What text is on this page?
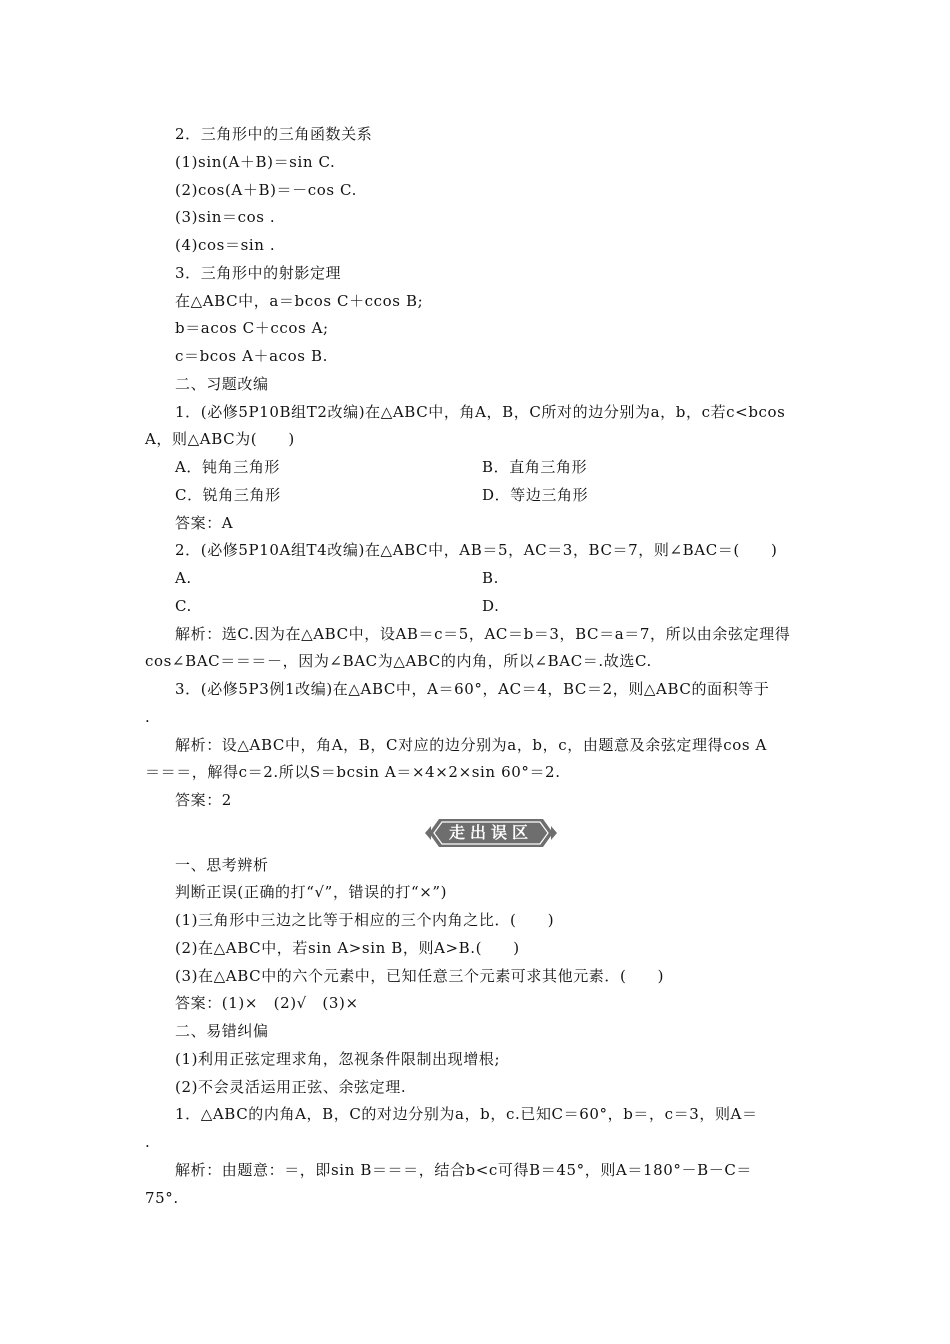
2．三角形中的三角函数关系
(1)sin(A＋B)＝sin C.
(2)cos(A＋B)＝－cos C.
(3)sin＝cos .
(4)cos＝sin .
3．三角形中的射影定理
在△ABC中，a＝bcos C＋ccos B;
b＝acos C＋ccos A;
c＝bcos A＋acos B.
二、习题改编
1．(必修5P10B组T2改编)在△ABC中，角A，B，C所对的边分别为a，b，c若c<bcos
A，则△ABC为(　　)
A．钝角三角形	B．直角三角形
C．锐角三角形	D．等边三角形
答案：A
2．(必修5P10A组T4改编)在△ABC中，AB＝5，AC＝3，BC＝7，则∠BAC＝(　　)
A.	B.
C.	D.
解析：选C.因为在△ABC中，设AB＝c＝5，AC＝b＝3，BC＝a＝7，所以由余弦定理得
cos∠BAC＝＝＝－，因为∠BAC为△ABC的内角，所以∠BAC＝.故选C.
3．(必修5P3例1改编)在△ABC中，A＝60°，AC＝4，BC＝2，则△ABC的面积等于
.
解析：设△ABC中，角A，B，C对应的边分别为a，b，c，由题意及余弦定理得cos A
＝＝＝，解得c＝2.所以S＝bcsin A＝×4×2×sin 60°＝2.
答案：2
走出误区
一、思考辨析
判断正误(正确的打“√”，错误的打“×”)
(1)三角形中三边之比等于相应的三个内角之比．(　　)
(2)在△ABC中，若sin A>sin B，则A>B.(　　)
(3)在△ABC中的六个元素中，已知任意三个元素可求其他元素．(　　)
答案：(1)×　(2)√　(3)×
二、易错纠偏
(1)利用正弦定理求角，忽视条件限制出现增根;
(2)不会灵活运用正弦、余弦定理.
1．△ABC的内角A，B，C的对边分别为a，b，c.已知C＝60°，b＝，c＝3，则A＝
.
解析：由题意：＝，即sin B＝＝＝，结合b<c可得B＝45°，则A＝180°－B－C＝
75°.
